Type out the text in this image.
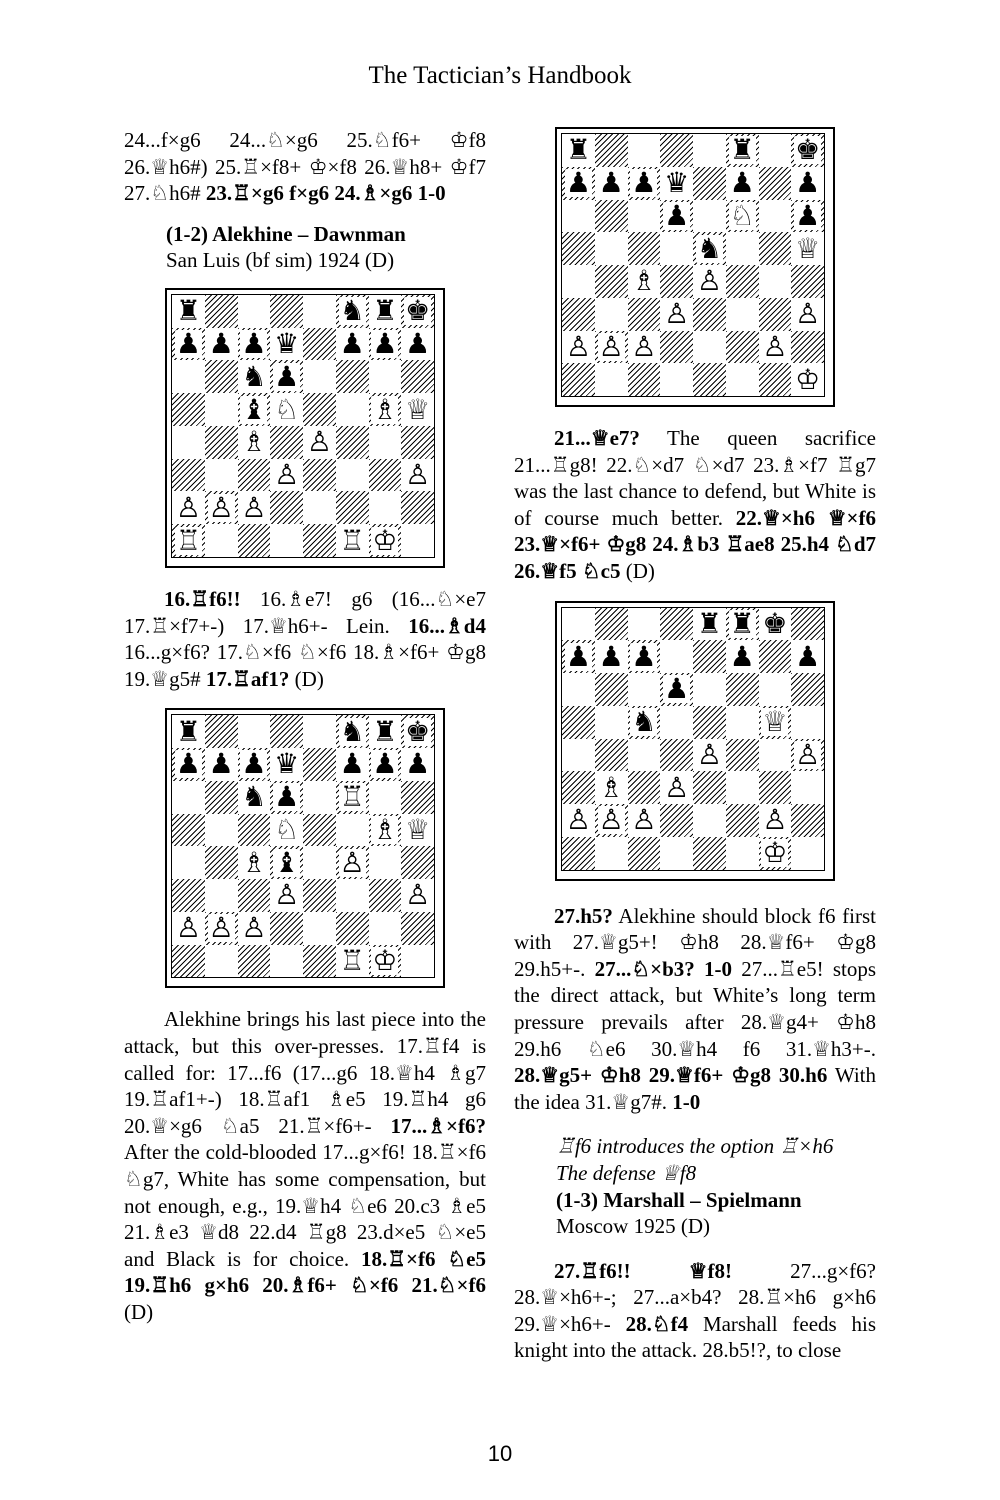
The Tactician’s Handbook

24...f×g6 24...♘×g6 25.♘f6+ ♔f8 26.♕h6#) 25.♖×f8+ ♔×f8 26.♕h8+ ♔f7 27.♘h6# 23.♖×g6 f×g6 24.♗×g6 1-0

(1-2) Alekhine – Dawnman
San Luis (bf sim) 1924 (D)
♜	♞ ♜ ♚
♟ ♟ ♟ ♛ ♟ ♟ ♟
♞ ♟
♝ ♘	♗ ♕
♗ ♙
♙	♙
♙ ♙ ♙
♖	♖ ♔

16.♖f6!! 16.♗e7! g6 (16...♘×e7 17.♖×f7+-) 17.♕h6+- Lein. 16...♗d4 16...g×f6? 17.♘×f6 ♘×f6 18.♗×f6+ ♔g8 19.♕g5# 17.♖af1? (D)

♜	♞ ♜ ♚
♟ ♟ ♟ ♛ ♟ ♟ ♟
♞ ♟ ♖
♘	♗ ♕
♗ ♝ ♙
♙	♙
♙ ♙ ♙
♖ ♔

Alekhine brings his last piece into the attack, but this over-presses. 17.♖f4 is called for: 17...f6 (17...g6 18.♕h4 ♗g7 19.♖af1+-) 18.♖af1 ♗e5 19.♖h4 g6 20.♕×g6 ♘a5 21.♖×f6+- 17...♗×f6? After the cold-blooded 17...g×f6! 18.♖×f6 ♘g7, White has some compensation, but not enough, e.g., 19.♕h4 ♘e6 20.c3 ♗e5 21.♗e3 ♕d8 22.d4 ♖g8 23.d×e5 ♘×e5 and Black is for choice. 18.♖×f6 ♘e5 19.♖h6 g×h6 20.♗f6+ ♘×f6 21.♘×f6 (D)

♜	♜ ♚
♟ ♟ ♟ ♛ ♟ ♟
♟ ♘ ♟
♞	♕
♗ ♙
♙	♙
♙ ♙ ♙	♙
♔

21...♕e7? The queen sacrifice 21...♖g8! 22.♘×d7 ♘×d7 23.♗×f7 ♖g7 was the last chance to defend, but White is of course much better. 22.♕×h6 ♕×f6 23.♕×f6+ ♔g8 24.♗b3 ♖ae8 25.h4 ♘d7 26.♕f5 ♘c5 (D)

♜ ♜ ♚
♟ ♟ ♟	♟ ♟
♟
♞	♕
♙	♙
♗ ♙
♙ ♙ ♙	♙
♔

27.h5? Alekhine should block f6 first with 27.♕g5+! ♔h8 28.♕f6+ ♔g8 29.h5+-. 27...♘×b3? 1-0 27...♖e5! stops the direct attack, but White’s long term pressure prevails after 28.♕g4+ ♔h8 29.h6 ♘e6 30.♕h4 f6 31.♕h3+-. 28.♕g5+ ♔h8 29.♕f6+ ♔g8 30.h6 With the idea 31.♕g7#. 1-0

♖f6 introduces the option ♖×h6
The defense ♕f8
(1-3) Marshall – Spielmann
Moscow 1925 (D)

27.♖f6!! ♕f8! 27...g×f6? 28.♕×h6+-; 27...a×b4? 28.♖×h6 g×h6 29.♕×h6+- 28.♘f4 Marshall feeds his knight into the attack. 28.b5!?, to close

10
